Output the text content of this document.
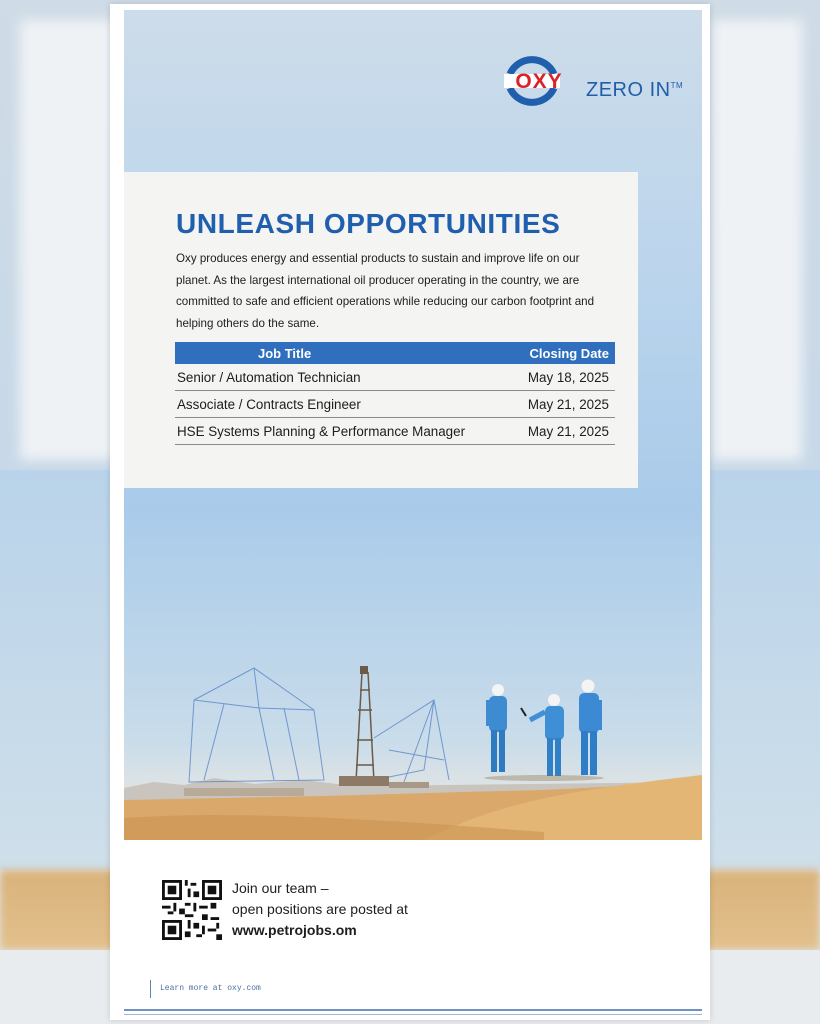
OXY	ZERO IN™
UNLEASH OPPORTUNITIES
Oxy produces energy and essential products to sustain and improve life on our planet. As the largest international oil producer operating in the country, we are committed to safe and efficient operations while reducing our carbon footprint and helping others do the same.
Job Title	Closing Date
Senior / Automation Technician	May 18, 2025
Associate / Contracts Engineer	May 21, 2025
HSE Systems Planning & Performance Manager	May 21, 2025
Join our team –
open positions are posted at
www.petrojobs.om
Learn more at oxy.com
